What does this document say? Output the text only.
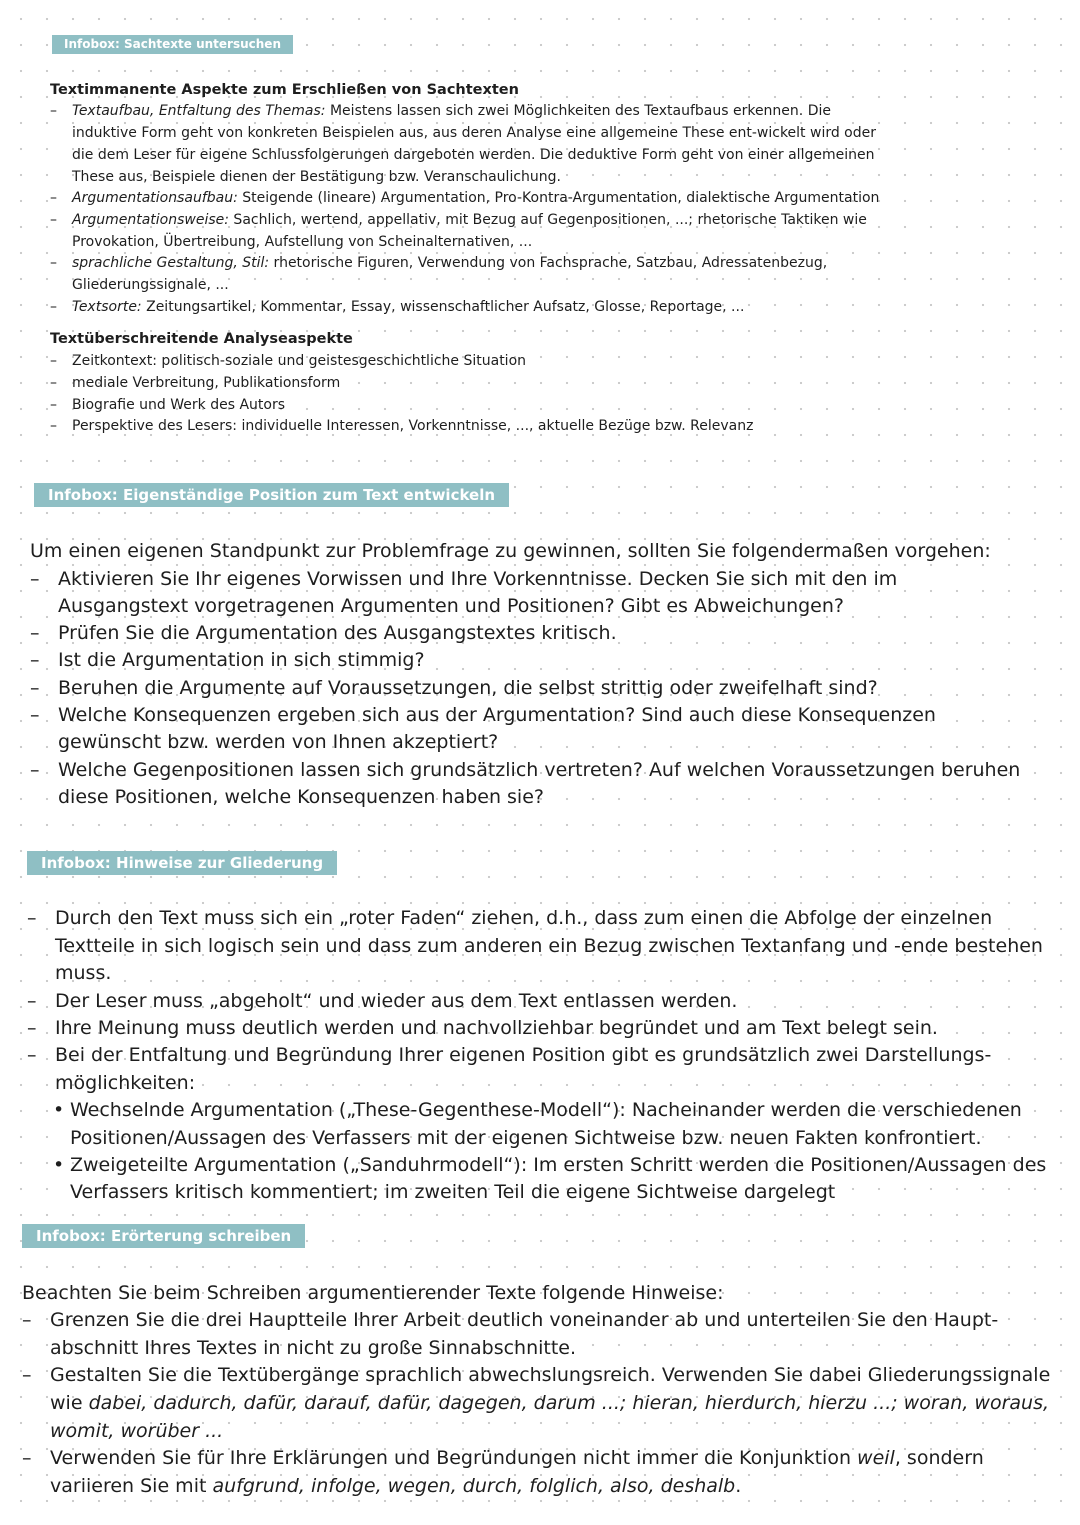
Infobox: Sachtexte untersuchen
Textimmanente Aspekte zum Erschließen von Sachtexten
– Textaufbau, Entfaltung des Themas: Meistens lassen sich zwei Möglichkeiten des Textaufbaus erkennen. Die induktive Form geht von konkreten Beispielen aus, aus deren Analyse eine allgemeine These ent-wickelt wird oder die dem Leser für eigene Schlussfolgerungen dargeboten werden. Die deduktive Form geht von einer allgemeinen These aus, Beispiele dienen der Bestätigung bzw. Veranschaulichung.
– Argumentationsaufbau: Steigende (lineare) Argumentation, Pro-Kontra-Argumentation, dialektische Argumentation
– Argumentationsweise: Sachlich, wertend, appellativ, mit Bezug auf Gegenpositionen, ...; rhetorische Taktiken wie Provokation, Übertreibung, Aufstellung von Scheinalternativen, ...
– sprachliche Gestaltung, Stil: rhetorische Figuren, Verwendung von Fachsprache, Satzbau, Adressatenbezug, Gliederungssignale, ...
– Textsorte: Zeitungsartikel, Kommentar, Essay, wissenschaftlicher Aufsatz, Glosse, Reportage, ...
Textüberschreitende Analyseaspekte
– Zeitkontext: politisch-soziale und geistesgeschichtliche Situation
– mediale Verbreitung, Publikationsform
– Biografie und Werk des Autors
– Perspektive des Lesers: individuelle Interessen, Vorkenntnisse, ..., aktuelle Bezüge bzw. Relevanz
Infobox: Eigenständige Position zum Text entwickeln
Um einen eigenen Standpunkt zur Problemfrage zu gewinnen, sollten Sie folgendermaßen vorgehen:
– Aktivieren Sie Ihr eigenes Vorwissen und Ihre Vorkenntnisse. Decken Sie sich mit den im Ausgangstext vorgetragenen Argumenten und Positionen? Gibt es Abweichungen?
– Prüfen Sie die Argumentation des Ausgangstextes kritisch.
– Ist die Argumentation in sich stimmig?
– Beruhen die Argumente auf Voraussetzungen, die selbst strittig oder zweifelhaft sind?
– Welche Konsequenzen ergeben sich aus der Argumentation? Sind auch diese Konsequenzen gewünscht bzw. werden von Ihnen akzeptiert?
– Welche Gegenpositionen lassen sich grundsätzlich vertreten? Auf welchen Voraussetzungen beruhen diese Positionen, welche Konsequenzen haben sie?
Infobox: Hinweise zur Gliederung
– Durch den Text muss sich ein „roter Faden“ ziehen, d.h., dass zum einen die Abfolge der einzelnen Textteile in sich logisch sein und dass zum anderen ein Bezug zwischen Textanfang und -ende bestehen muss.
– Der Leser muss „abgeholt“ und wieder aus dem Text entlassen werden.
– Ihre Meinung muss deutlich werden und nachvollziehbar begründet und am Text belegt sein.
– Bei der Entfaltung und Begründung Ihrer eigenen Position gibt es grundsätzlich zwei Darstellungs-möglichkeiten:
• Wechselnde Argumentation („These-Gegenthese-Modell“): Nacheinander werden die verschiedenen Positionen/Aussagen des Verfassers mit der eigenen Sichtweise bzw. neuen Fakten konfrontiert.
• Zweigeteilte Argumentation („Sanduhrmodell“): Im ersten Schritt werden die Positionen/Aussagen des Verfassers kritisch kommentiert; im zweiten Teil die eigene Sichtweise dargelegt
Infobox: Erörterung schreiben
Beachten Sie beim Schreiben argumentierender Texte folgende Hinweise:
– Grenzen Sie die drei Hauptteile Ihrer Arbeit deutlich voneinander ab und unterteilen Sie den Haupt-abschnitt Ihres Textes in nicht zu große Sinnabschnitte.
– Gestalten Sie die Textübergänge sprachlich abwechslungsreich. Verwenden Sie dabei Gliederungssignale wie dabei, dadurch, dafür, darauf, dafür, dagegen, darum ...; hieran, hierdurch, hierzu ...; woran, woraus, womit, worüber ...
– Verwenden Sie für Ihre Erklärungen und Begründungen nicht immer die Konjunktion weil, sondern variieren Sie mit aufgrund, infolge, wegen, durch, folglich, also, deshalb.
